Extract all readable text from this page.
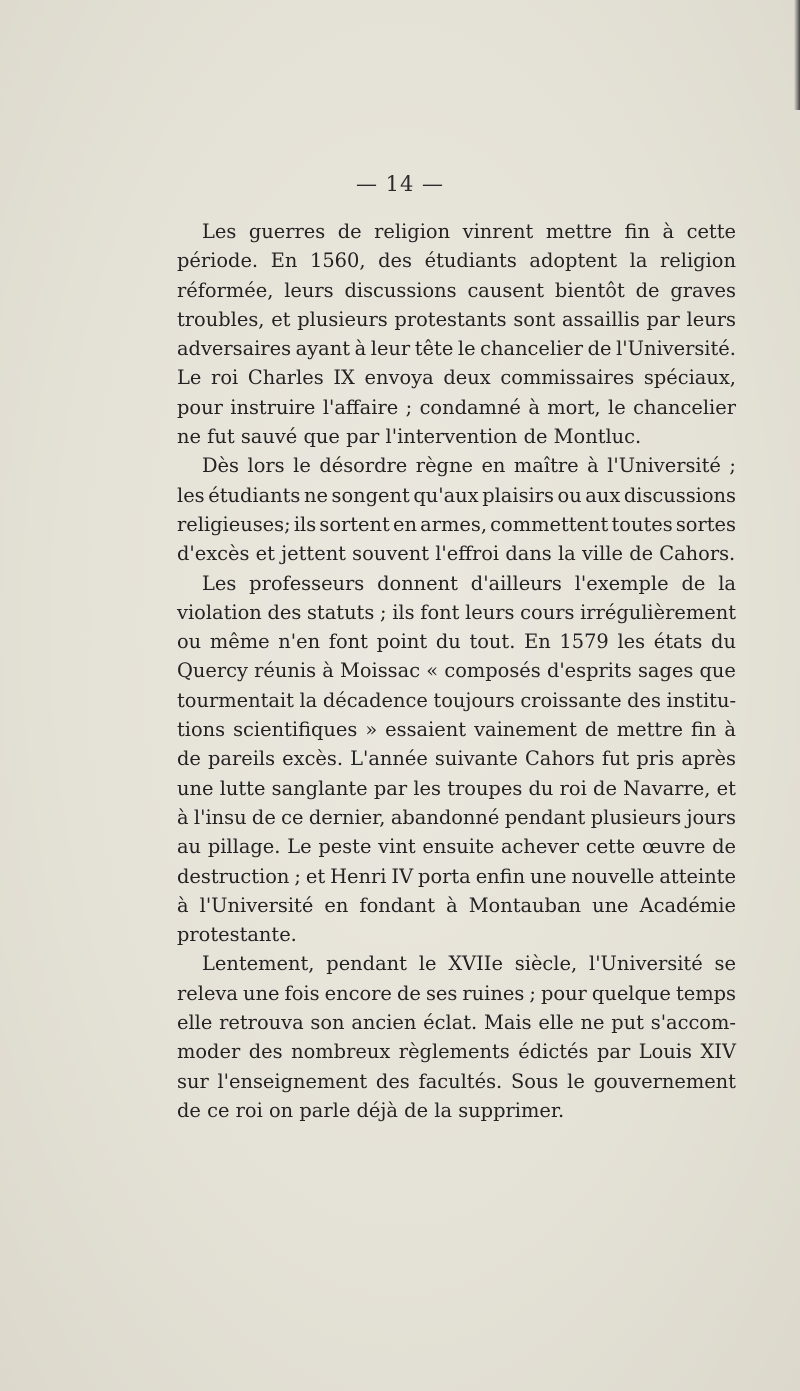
— 14 —
Les guerres de religion vinrent mettre fin à cette
période. En 1560, des étudiants adoptent la religion
réformée, leurs discussions causent bientôt de graves
troubles, et plusieurs protestants sont assaillis par leurs
adversaires ayant à leur tête le chancelier de l'Université.
Le roi Charles IX envoya deux commissaires spéciaux,
pour instruire l'affaire ; condamné à mort, le chancelier
ne fut sauvé que par l'intervention de Montluc.
Dès lors le désordre règne en maître à l'Université ;
les étudiants ne songent qu'aux plaisirs ou aux discussions
religieuses; ils sortent en armes, commettent toutes sortes
d'excès et jettent souvent l'effroi dans la ville de Cahors.
Les professeurs donnent d'ailleurs l'exemple de la
violation des statuts ; ils font leurs cours irrégulièrement
ou même n'en font point du tout. En 1579 les états du
Quercy réunis à Moissac « composés d'esprits sages que
tourmentait la décadence toujours croissante des institu-
tions scientifiques » essaient vainement de mettre fin à
de pareils excès. L'année suivante Cahors fut pris après
une lutte sanglante par les troupes du roi de Navarre, et
à l'insu de ce dernier, abandonné pendant plusieurs jours
au pillage. Le peste vint ensuite achever cette œuvre de
destruction ; et Henri IV porta enfin une nouvelle atteinte
à l'Université en fondant à Montauban une Académie
protestante.
Lentement, pendant le XVIIe siècle, l'Université se
releva une fois encore de ses ruines ; pour quelque temps
elle retrouva son ancien éclat. Mais elle ne put s'accom-
moder des nombreux règlements édictés par Louis XIV
sur l'enseignement des facultés. Sous le gouvernement
de ce roi on parle déjà de la supprimer.
